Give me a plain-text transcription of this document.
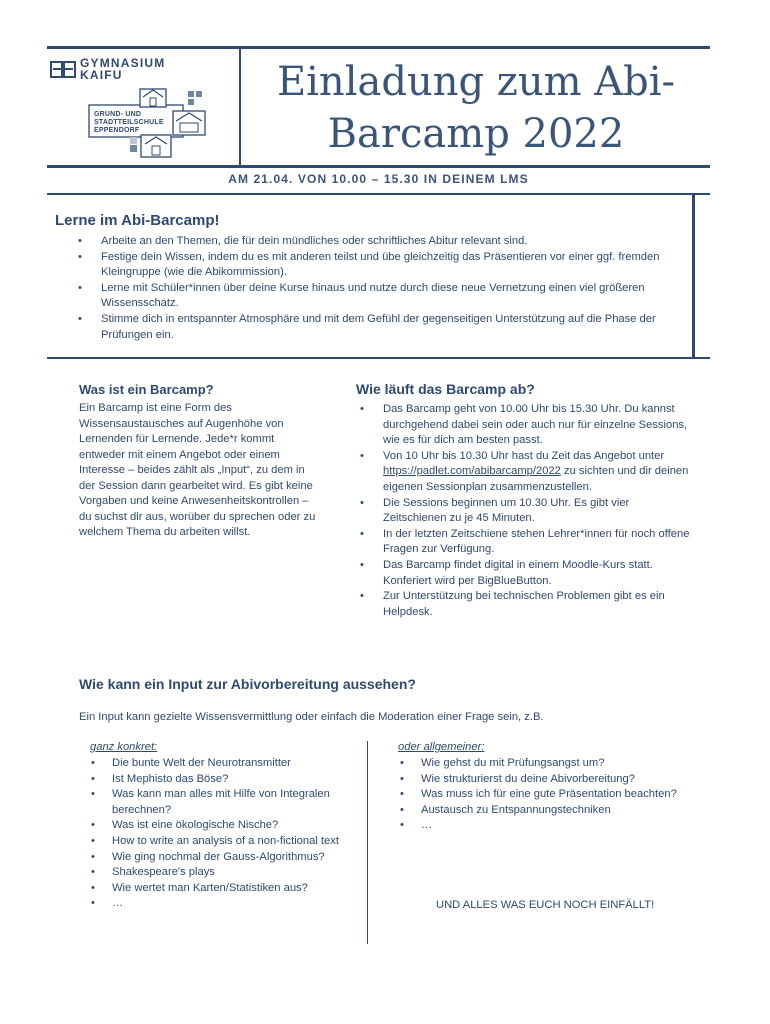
GYMNASIUM
KAIFU
GRUND- UND
STADTTEILSCHULE
EPPENDORF
Einladung zum Abi-
Barcamp 2022
AM 21.04. VON 10.00 – 15.30 IN DEINEM LMS
Lerne im Abi-Barcamp!
• Arbeite an den Themen, die für dein mündliches oder schriftliches Abitur relevant sind.
• Festige dein Wissen, indem du es mit anderen teilst und übe gleichzeitig das Präsentieren vor einer ggf. fremden Kleingruppe (wie die Abikommission).
• Lerne mit Schüler*innen über deine Kurse hinaus und nutze durch diese neue Vernetzung einen viel größeren Wissensschatz.
• Stimme dich in entspannter Atmosphäre und mit dem Gefühl der gegenseitigen Unterstützung auf die Phase der Prüfungen ein.
Was ist ein Barcamp?
Ein Barcamp ist eine Form des Wissensaustausches auf Augenhöhe von Lernenden für Lernende. Jede*r kommt entweder mit einem Angebot oder einem Interesse – beides zählt als „Input“, zu dem in der Session dann gearbeitet wird. Es gibt keine Vorgaben und keine Anwesenheitskontrollen – du suchst dir aus, worüber du sprechen oder zu welchem Thema du arbeiten willst.
Wie läuft das Barcamp ab?
• Das Barcamp geht von 10.00 Uhr bis 15.30 Uhr. Du kannst durchgehend dabei sein oder auch nur für einzelne Sessions, wie es für dich am besten passt.
• Von 10 Uhr bis 10.30 Uhr hast du Zeit das Angebot unter https://padlet.com/abibarcamp/2022 zu sichten und dir deinen eigenen Sessionplan zusammenzustellen.
• Die Sessions beginnen um 10.30 Uhr. Es gibt vier Zeitschienen zu je 45 Minuten.
• In der letzten Zeitschiene stehen Lehrer*innen für noch offene Fragen zur Verfügung.
• Das Barcamp findet digital in einem Moodle-Kurs statt. Konferiert wird per BigBlueButton.
• Zur Unterstützung bei technischen Problemen gibt es ein Helpdesk.
Wie kann ein Input zur Abivorbereitung aussehen?
Ein Input kann gezielte Wissensvermittlung oder einfach die Moderation einer Frage sein, z.B.
ganz konkret:
• Die bunte Welt der Neurotransmitter
• Ist Mephisto das Böse?
• Was kann man alles mit Hilfe von Integralen berechnen?
• Was ist eine ökologische Nische?
• How to write an analysis of a non-fictional text
• Wie ging nochmal der Gauss-Algorithmus?
• Shakespeare's plays
• Wie wertet man Karten/Statistiken aus?
• …
oder allgemeiner:
• Wie gehst du mit Prüfungsangst um?
• Wie strukturierst du deine Abivorbereitung?
• Was muss ich für eine gute Präsentation beachten?
• Austausch zu Entspannungstechniken
• …
UND ALLES WAS EUCH NOCH EINFÄLLT!
